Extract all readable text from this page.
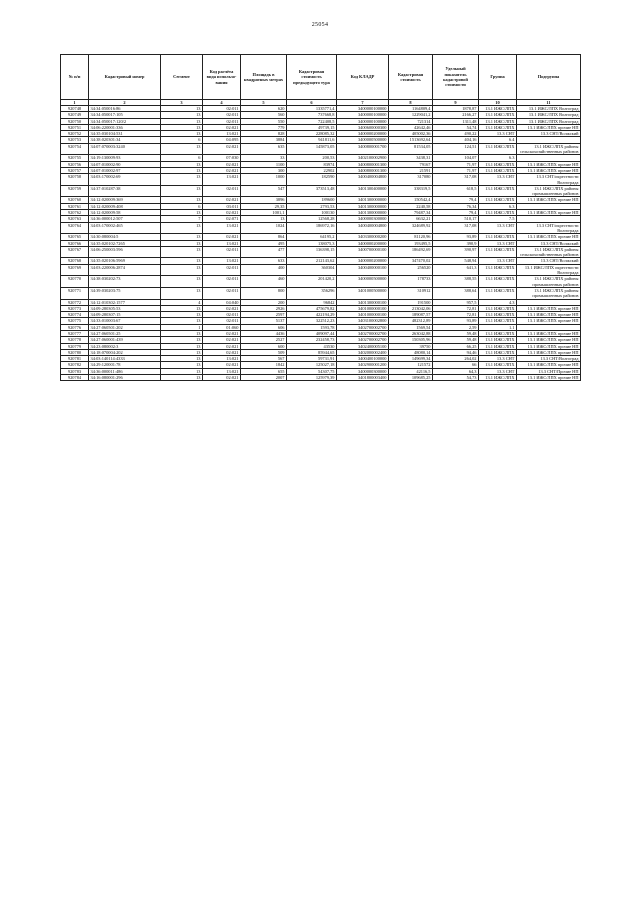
25054
№ п/п	Кадастровый номер	Сегмент	Код расчёта вида использо-вания	Площадь в квадратных метрах	Кадастровая стоимость предыдущего тура	Код КЛАДР	Кадастровая стоимость	Удельный показатель кадастровой стоимости	Группа	Подгруппа
1	2	3	4	5	6	7	8	9	10	11
920748	34:34:050016:86	13	02:011	620	1335771,4	3400000100000	1164809,4	1878,87	13.1 ИЖС/ЛПХ	13.1 ИЖС/ЛПХ Волгоград
920749	34:34:050017:105	13	02:011	560	737668,8	3400000100000	1229041,2	2166,27	13.1 ИЖС/ЛПХ	13.1 ИЖС/ЛПХ Волгоград
920750	34:34:050017:120/2	13	02:011	550	722408,5	3400000100000	721314	1311,48	13.1 ИЖС/ЛПХ	13.1 ИЖС/ЛПХ Волгоград
920751	34:06:220001:336	13	02:021	779	49739,15	3400600000300	42642,46	54,74	13.1 ИЖС/ЛПХ	13.1 ИЖС/ЛПХ прочие НП
920752	34:35:030104:531	13	13:021	828	228085,32	3400000200000	405002,36	490,22	13.3 СНТ	13.3 СНТ/Волжский
920753	34:38:020301:34	6	04:095	3884	941811,6	3400000500000	1513692,64	404,16	6.4	
920754	34:07:070003:3240	13	02:021	635	145873,05	3400800001700	81534,05	124,51	13.1 ИЖС/ЛПХ	13.1 ИЖС/ЛПХ районы сельскохозяйственных районов
920755	34:19:130009:93	6	07:030	33	200,53	3402100002900	3438,31	104,07	6.3	
920756	34:07:010002:90	13	02:021	1100	83974	3400800001300	79167	71,97	13.1 ИЖС/ЛПХ	13.1 ИЖС/ЛПХ прочие НП
920757	34:07:010002:97	13	02:021	300	22902	3400800001300	21591	71,97	13.1 ИЖС/ЛПХ	13.1 ИЖС/ЛПХ прочие НП
920758	34:03:170002:69	13	13:021	1000	182590	3400400004800	317080	317,08	13.3 СНТ	13.3 СНТ/окрестности Волгограда
920759	34:37:010287:38	13	02:011	547	373513,48	3401300400000	338319,5	618,5	13.1 ИЖС/ЛПХ	13.1 ИЖС/ЛПХ районы промышленных районов
920760	34:12:020009:369	13	02:021	3896	189600	3401300000000	150542,4	79,4	13.1 ИЖС/ЛПХ	13.1 ИЖС/ЛПХ прочие НП
920761	34:12:020009:408	6	03:011	29,35	2793,53	3401300000000	2240,58	76,34	6.3	
920762	34:12:020009:58	13	02:021	1001,1	100130	3401300000000	79487,34	79,4	13.1 ИЖС/ЛПХ	13.1 ИЖС/ЛПХ прочие НП
920763	34:36:000012:507	7	02:071	13	12568,28	3400000300000	6632,21	510,17	7.5	
920764	34:03:170002:465	13	13:021	1024	186972,16	3400400004800	324689,92	317,08	13.3 СНТ	13.3 СНТ/окрестности Волгограда
920765	34:30:080004:5	13	02:021	864	64195,2	3403300000200	81120,96	93,89	13.1 ИЖС/ЛПХ	13.1 ИЖС/ЛПХ прочие НП
920766	34:35:020102:7265	13	13:021	495	138075,3	3400000200000	193495,5	390,9	13.3 СНТ	13.3 СНТ/Волжский
920767	34:06:250003:596	13	02:011	477	136398,15	3400700000100	186492,69	390,97	13.1 ИЖС/ЛПХ	13.1 ИЖС/ЛПХ районы сельскохозяйственных районов
920768	34:35:020106:5969	13	13:021	633	212143,62	3400000200000	347470,02	548,94	13.3 СНТ	13.3 СНТ/Волжский
920769	34:03:220006:2874	13	02:011	400	360304	3400400000100	256520	641,3	13.1 ИЖС/ЛПХ	13.1 ИЖС/ЛПХ окрестности Волгограда
920770	34:38:030202:73	13	02:011	460	201420,2	3400000500000	178733	388,55	13.1 ИЖС/ЛПХ	13.1 ИЖС/ЛПХ районы промышленных районов
920771	34:39:030203:75	13	02:011	800	356296	3401000500000	310912	388,64	13.1 ИЖС/ЛПХ	13.1 ИЖС/ЛПХ районы промышленных районов
920772	34:12:010302:1577	4	04:040	200	96842	3401300000100	191500	957,5	4.3	
920773	34:09:280305:53	13	02:021	2926	475679,82	3401000000100	213042,06	72,81	13.1 ИЖС/ЛПХ	13.1 ИЖС/ЛПХ прочие НП
920774	34:09:280307:15	13	02:011	2597	422194,29	3401000000100	189087,57	72,81	13.1 ИЖС/ЛПХ	13.1 ИЖС/ЛПХ прочие НП
920775	34:33:010003:67	13	02:011	5137	322512,23	3403100002800	482312,89	93,89	13.1 ИЖС/ЛПХ	13.1 ИЖС/ЛПХ прочие НП
920776	34:27:060501:202	1	01:060	606	1593,78	3402700002700	1569,54	2,59	1.1	
920777	34:27:060501:25	13	02:021	4436	409097,44	3402700002700	263042,88	59,48	13.1 ИЖС/ЛПХ	13.1 ИЖС/ЛПХ прочие НП
920778	34:27:060001:439	13	02:021	2527	232458,73	3402700002700	150305,96	59,48	13.1 ИЖС/ЛПХ	13.1 ИЖС/ЛПХ прочие НП
920779	34:23:080002:3	13	02:021	600	43530	3402400005100	39750	66,25	13.1 ИЖС/ЛПХ	13.1 ИЖС/ЛПХ прочие НП
920780	34:18:070004:202	13	02:021	509	85944,65	3402000002400	48080,14	94,46	13.1 ИЖС/ЛПХ	13.1 ИЖС/ЛПХ прочие НП
920781	34:03:140114:4333	13	13:021	567	59731,91	3400400100000	149699,34	264,02	13.3 СНТ	13.3 СНТ/Волгоград
920782	34:29:120001:78	13	02:021	1842	125027,18	3402900001200	121572	66	13.1 ИЖС/ЛПХ	13.1 ИЖС/ЛПХ прочие НП
920783	34:36:000011:486	13	13:021	655	54307,75	3400000300000	42116,5	64,3	13.3 СНТ	13.3 СНТ/Прочие НП
920784	34:16:080001:296	13	02:021	2007	125979,39	3401800003400	109685,25	54,73	13.1 ИЖС/ЛПХ	13.1 ИЖС/ЛПХ прочие НП
